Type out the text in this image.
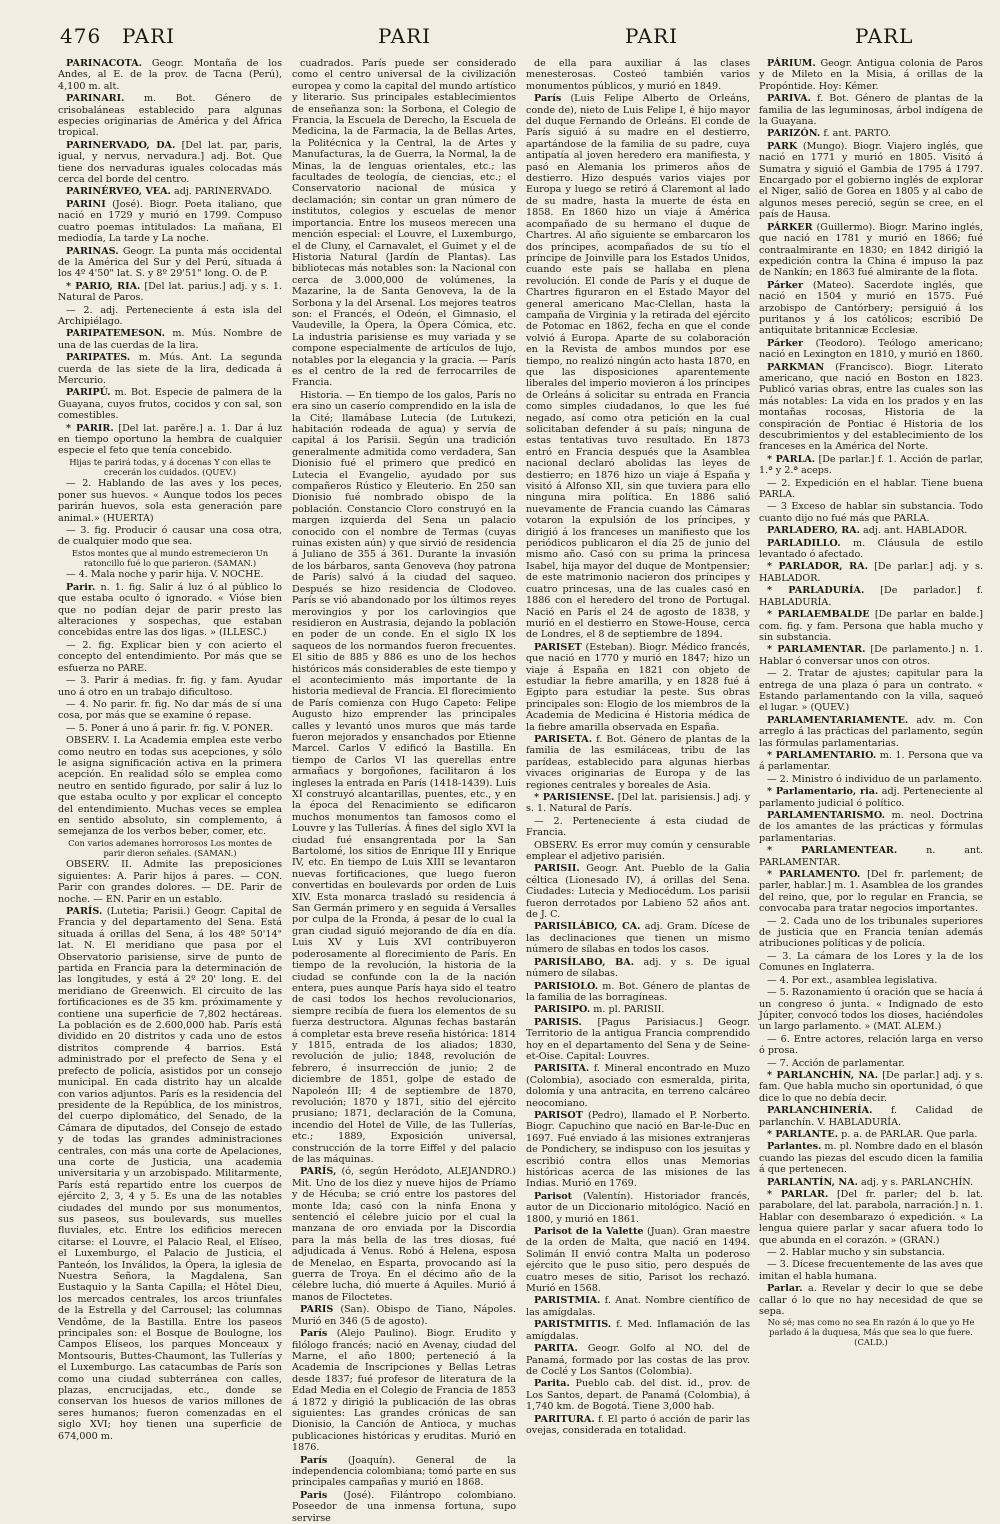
476 PARI	PARI	PARI	PARL

PARINACOTA. Geogr. Montaña de los Andes, al E. de la prov. de Tacna (Perú), 4,100 m. alt.

PARINARI. m. Bot. Género de crisobaláneas establecido para algunas especies originarias de América y del África tropical.

PARINERVADO, DA. [Del lat. par, paris, igual, y nervus, nervadura.] adj. Bot. Que tiene dos nervaduras iguales colocadas más cerca del borde del centro.

PARINÉRVEO, VEA. adj. PARINERVADO.

PARINI (José). Biogr. Poeta italiano, que nació en 1729 y murió en 1799. Compuso cuatro poemas intitulados: La mañana, El mediodía, La tarde y La noche.

PARINAS. Geogr. La punta más occidental de la América del Sur y del Perú, situada á los 4º 4'50" lat. S. y 8º 29'51" long. O. de P.

* PARIO, RIA. [Del lat. parius.] adj. y s. 1. Natural de Paros.

— 2. adj. Perteneciente á esta isla del Archipiélago.

PARIPATEMESON. m. Mús. Nombre de una de las cuerdas de la lira.

PARIPATES. m. Mús. Ant. La segunda cuerda de las siete de la lira, dedicada á Mercurio.

PARIPÚ. m. Bot. Especie de palmera de la Guayana, cuyos frutos, cocidos y con sal, son comestibles.

* PARIR. [Del lat. parĕre.] a. 1. Dar á luz en tiempo oportuno la hembra de cualquier especie el feto que tenía concebido.

Hijas te parirá todas, y á docenas Y con ellas te crecerán los cuidados. (QUEV.)

— 2. Hablando de las aves y los peces, poner sus huevos. « Aunque todos los peces parirán huevos, sola esta generación pare animal.» (HUERTA)

— 3. fig. Producir ó causar una cosa otra, de cualquier modo que sea.

Estos montes que al mundo estremecieron Un ratoncillo fué lo que parieron. (SAMAN.)

— 4. Mala noche y parir hija. V. NOCHE.

Parir. n. 1. fig. Salir á luz ó al público lo que estaba oculto ó ignorado. « Vióse bien que no podían dejar de parir presto las alteraciones y sospechas, que estaban concebidas entre las dos ligas. » (ILLESC.)

— 2. fig. Explicar bien y con acierto el concepto del entendimiento. Por más que se esfuerza no PARE.

— 3. Parir á medias. fr. fig. y fam. Ayudar uno á otro en un trabajo dificultoso.

— 4. No parir. fr. fig. No dar más de sí una cosa, por más que se examine ó repase.

— 5. Poner á uno á parir. fr. fig. V. PONER.

OBSERV. I. La Academia emplea este verbo como neutro en todas sus acepciones, y sólo le asigna significación activa en la primera acepción. En realidad sólo se emplea como neutro en sentido figurado, por salir á luz lo que estaba oculto y por explicar el concepto del entendimiento. Muchas veces se emplea en sentido absoluto, sin complemento, á semejanza de los verbos beber, comer, etc.

Con varios ademanes horrorosos Los montes de parir dieron señales. (SAMAN.)

OBSERV. II. Admite las preposiciones siguientes: A. Parir hijos á pares. — CON. Parir con grandes dolores. — DE. Parir de noche. — EN. Parir en un establo.

PARÍS. (Lutetia; Parisii.) Geogr. Capital de Francia y del departamento del Sena. Está situada á orillas del Sena, á los 48º 50'14" lat. N. El meridiano que pasa por el Observatorio parisiense, sirve de punto de partida en Francia para la determinación de las longitudes, y está á 2º 20' long. E. del meridiano de Greenwich. El circuito de las fortificaciones es de 35 km. próximamente y contiene una superficie de 7,802 hectáreas. La población es de 2.600,000 hab. París está dividido en 20 distritos y cada uno de estos distritos comprende 4 barrios. Está administrado por el prefecto de Sena y el prefecto de policía, asistidos por un consejo municipal. En cada distrito hay un alcalde con varios adjuntos. París es la residencia del presidente de la República, de los ministros, del cuerpo diplomático, del Senado, de la Cámara de diputados, del Consejo de estado y de todas las grandes administraciones centrales, con más una corte de Apelaciones, una corte de Justicia, una academia universitaria y un arzobispado. Militarmente, París está repartido entre los cuerpos de ejército 2, 3, 4 y 5. Es una de las notables ciudades del mundo por sus monumentos, sus paseos, sus boulevards, sus muelles fluviales, etc. Entre los edificios merecen citarse: el Louvre, el Palacio Real, el Elíseo, el Luxemburgo, el Palacio de Justicia, el Panteón, los Inválidos, la Ópera, la iglesia de Nuestra Señora, la Magdalena, San Eustaquio y la Santa Capilla; el Hôtel Dieu, los mercados centrales, los arcos triunfales de la Estrella y del Carrousel; las columnas Vendôme, de la Bastilla. Entre los paseos principales son: el Bosque de Boulogne, los Campos Elíseos, los parques Monceaux y Montsouris, Buttes-Chaumont, las Tullerías y el Luxemburgo. Las catacumbas de París son como una ciudad subterránea con calles, plazas, encrucijadas, etc., donde se conservan los huesos de varios millones de seres humanos; fueron comenzadas en el siglo XVI; hoy tienen una superficie de 674,000 m.

cuadrados. París puede ser considerado como el centro universal de la civilización europea y como la capital del mundo artístico y literario. Sus principales establecimientos de enseñanza son: la Sorbona, el Colegio de Francia, la Escuela de Derecho, la Escuela de Medicina, la de Farmacia, la de Bellas Artes, la Politécnica y la Central, la de Artes y Manufacturas, la de Guerra, la Normal, la de Minas, la de lenguas orientales, etc.; las facultades de teología, de ciencias, etc.; el Conservatorio nacional de música y declamación; sin contar un gran número de institutos, colegios y escuelas de menor importancia. Entre los museos merecen una mención especial: el Louvre, el Luxemburgo, el de Cluny, el Carnavalet, el Guimet y el de Historia Natural (Jardín de Plantas). Las bibliotecas más notables son: la Nacional con cerca de 3.000,000 de volúmenes, la Mazarine, la de Santa Genoveva, la de la Sorbona y la del Arsenal. Los mejores teatros son: el Francés, el Odeón, el Gimnasio, el Vaudeville, la Ópera, la Ópera Cómica, etc. La industria parisiense es muy variada y se compone especialmente de artículos de lujo, notables por la elegancia y la gracia. — París es el centro de la red de ferrocarriles de Francia.

Historia. — En tiempo de los galos, París no era sino un caserío comprendido en la isla de la Cité; llamábase Lutecia (de Lutukezi, habitación rodeada de agua) y servía de capital á los Parisii. Según una tradición generalmente admitida como verdadera, San Dionisio fué el primero que predicó en Lutecia el Evangelio, ayudado por sus compañeros Rústico y Eleuterio. En 250 san Dionisio fué nombrado obispo de la población. Constancio Cloro construyó en la margen izquierda del Sena un palacio conocido con el nombre de Termas (cuyas ruinas existen aún) y que sirvió de residencia á Juliano de 355 á 361. Durante la invasión de los bárbaros, santa Genoveva (hoy patrona de París) salvó á la ciudad del saqueo. Después se hizo residencia de Clodoveo. París se vió abandonado por los últimos reyes merovingios y por los carlovingios que residieron en Austrasia, dejando la población en poder de un conde. En el siglo IX los saqueos de los normandos fueron frecuentes. El sitio de 885 y 886 es uno de los hechos históricos más considerables de este tiempo y el acontecimiento más importante de la historia medieval de Francia. El florecimiento de París comienza con Hugo Capeto: Felipe Augusto hizo emprender las principales calles y levantó unos muros que más tarde fueron mejorados y ensanchados por Etienne Marcel. Carlos V edificó la Bastilla. En tiempo de Carlos VI las querellas entre armañacs y borgoñones, facilitaron á los ingleses la entrada en París (1418-1439). Luis XI construyó alcantarillas, puentes, etc., y en la época del Renacimiento se edificaron muchos monumentos tan famosos como el Louvre y las Tullerías. Á fines del siglo XVI la ciudad fué ensangrentada por la San Bartolomé, los sitios de Enrique III y Enrique IV, etc. En tiempo de Luis XIII se levantaron nuevas fortificaciones, que luego fueron convertidas en boulevards por orden de Luis XIV. Esta monarca trasladó su residencia á San Germán primero y en seguida á Versalles por culpa de la Fronda, á pesar de lo cual la gran ciudad siguió mejorando de día en día. Luis XV y Luis XVI contribuyeron poderosamente al florecimiento de París. En tiempo de la revolución, la historia de la ciudad se confunde con la de la nación entera, pues aunque París haya sido el teatro de casi todos los hechos revolucionarios, siempre recibía de fuera los elementos de su fuerza destructora. Algunas fechas bastarán á completar esta breve reseña histórica: 1814 y 1815, entrada de los aliados; 1830, revolución de julio; 1848, revolución de febrero, é insurrección de junio; 2 de diciembre de 1851, golpe de estado de Napoleón III; 4 de septiembre de 1870, revolución; 1870 y 1871, sitio del ejército prusiano; 1871, declaración de la Comuna, incendio del Hotel de Ville, de las Tullerías, etc.; 1889, Exposición universal, construcción de la torre Eiffel y del palacio de las máquinas.

PARÍS, (ó, según Heródoto, ALEJANDRO.) Mit. Uno de los diez y nueve hijos de Príamo y de Hécuba; se crió entre los pastores del monte Ida; casó con la ninfa Enona y sentenció el célebre juicio por el cual la manzana de oro enviada por la Discordia para la más bella de las tres diosas, fué adjudicada á Venus. Robó á Helena, esposa de Menelao, en Esparta, provocando así la guerra de Troya. En el décimo año de la célebre lucha, dió muerte á Aquiles. Murió á manos de Filoctetes.

PARIS (San). Obispo de Tiano, Nápoles. Murió en 346 (5 de agosto).

París (Alejo Paulino). Biogr. Erudito y filólogo francés; nació en Avenay, ciudad del Marne, el año 1800; perteneció á la Academia de Inscripciones y Bellas Letras desde 1837; fué profesor de literatura de la Edad Media en el Colegio de Francia de 1853 á 1872 y dirigió la publicación de las obras siguientes: Las grandes crónicas de san Dionisio, la Canción de Antioca, y muchas publicaciones históricas y eruditas. Murió en 1876.

París (Joaquín). General de la independencia colombiana; tomó parte en sus principales campañas y murió en 1868.

Paris (José). Filántropo colombiano. Poseedor de una inmensa fortuna, supo servirse

de ella para auxiliar á las clases menesterosas. Costeó también varios monumentos públicos, y murió en 1849.

París (Luis Felipe Alberto de Orleáns, conde de), nieto de Luis Felipe I, é hijo mayor del duque Fernando de Orleáns. El conde de París siguió á su madre en el destierro, apartándose de la familia de su padre, cuya antipatía al joven heredero era manifiesta, y pasó en Alemania los primeros años de destierro. Hizo después varios viajes por Europa y luego se retiró á Claremont al lado de su madre, hasta la muerte de ésta en 1858. En 1860 hizo un viaje á América acompañado de su hermano el duque de Chartres. Al año siguiente se embarcaron los dos príncipes, acompañados de su tío el príncipe de Joinville para los Estados Unidos, cuando este país se hallaba en plena revolución. El conde de París y el duque de Chartres figuraron en el Estado Mayor del general americano Mac-Clellan, hasta la campaña de Virginia y la retirada del ejército de Potomac en 1862, fecha en que el conde volvió á Europa. Aparte de su colaboración en la Revista de ambos mundos por ese tiempo, no realizó ningún acto hasta 1870, en que las disposiciones aparentemente liberales del imperio movieron á los príncipes de Orleáns á solicitar su entrada en Francia como simples ciudadanos, lo que les fué negado, así como otra petición en la cual solicitaban defender á su país; ninguna de estas tentativas tuvo resultado. En 1873 entró en Francia después que la Asamblea nacional declaró abolidas las leyes de destierro; en 1876 hizo un viaje á España y visitó á Alfonso XII, sin que tuviera para ello ninguna mira política. En 1886 salió nuevamente de Francia cuando las Cámaras votaron la expulsión de los príncipes, y dirigió á los franceses un manifiesto que los periódicos publicaron el día 25 de junio del mismo año. Casó con su prima la princesa Isabel, hija mayor del duque de Montpensier; de este matrimonio nacieron dos príncipes y cuatro princesas, una de las cuales casó en 1886 con el heredero del trono de Portugal. Nació en París el 24 de agosto de 1838, y murió en el destierro en Stowe-House, cerca de Londres, el 8 de septiembre de 1894.

PARISET (Esteban). Biogr. Médico francés, que nació en 1770 y murió en 1847; hizo un viaje á España en 1821 con objeto de estudiar la fiebre amarilla, y en 1828 fué á Egipto para estudiar la peste. Sus obras principales son: Elogio de los miembros de la Academia de Medicina é Historia médica de la fiebre amarilla observada en España.

PARISETA. f. Bot. Género de plantas de la familia de las esmiláceas, tribu de las parídeas, establecido para algunas hierbas vivaces originarias de Europa y de las regiones centrales y boreales de Asia.

* PARISIENSE. [Del lat. parisiensis.] adj. y s. 1. Natural de París.

— 2. Perteneciente á esta ciudad de Francia.

OBSERV. Es error muy común y censurable emplear el adjetivo parisién.

PARISII. Geogr. Ant. Pueblo de la Galia céltica (Lionesado IV), á orillas del Sena. Ciudades: Lutecia y Mediocédum. Los parisii fueron derrotados por Labieno 52 años ant. de J. C.

PARISILÁBICO, CA. adj. Gram. Dícese de las declinaciones que tienen un mismo número de sílabas en todos los casos.

PARISÍLABO, BA. adj. y s. De igual número de sílabas.

PARISIOLO. m. Bot. Género de plantas de la familia de las borragíneas.

PARISIPO. m. pl. PARISII.

PARISIS. [Pagus Parisiacus.] Geogr. Territorio de la antigua Francia comprendido hoy en el departamento del Sena y de Seine-et-Oise. Capital: Louvres.

PARISITA. f. Mineral encontrado en Muzo (Colombia), asociado con esmeralda, pirita, dolomía y una antracita, en terreno calcáreo neocomiano.

PARISOT (Pedro), llamado el P. Norberto. Biogr. Capuchino que nació en Bar-le-Duc en 1697. Fué enviado á las misiones extranjeras de Pondichery, se indispuso con los jesuitas y escribió contra ellos unas Memorias históricas acerca de las misiones de las Indias. Murió en 1769.

Parisot (Valentín). Historiador francés, autor de un Diccionario mitológico. Nació en 1800, y murió en 1861.

Parisot de la Valette (Juan). Gran maestre de la orden de Malta, que nació en 1494. Solimán II envió contra Malta un poderoso ejército que le puso sitio, pero después de cuatro meses de sitio, Parisot los rechazó. Murió en 1568.

PARISTMIA. f. Anat. Nombre científico de las amígdalas.

PARISTMITIS. f. Med. Inflamación de las amígdalas.

PARITA. Geogr. Golfo al NO. del de Panamá, formado por las costas de las prov. de Coclé y Los Santos (Colombia).

Parita. Pueblo cab. del dist. id., prov. de Los Santos, depart. de Panamá (Colombia), á 1,740 km. de Bogotá. Tiene 3,000 hab.

PARITURA. f. El parto ó acción de parir las ovejas, considerada en totalidad.

PÁRIUM. Geogr. Antigua colonia de Paros y de Mileto en la Misia, á orillas de la Propóntide. Hoy: Kémer.

PARIVA. f. Bot. Género de plantas de la familia de las leguminosas, árbol indígena de la Guayana.

PARIZÓN. f. ant. PARTO.

PARK (Mungo). Biogr. Viajero inglés, que nació en 1771 y murió en 1805. Visitó á Sumatra y siguió el Gambia de 1795 á 1797. Encargado por el gobierno inglés de explorar el Niger, salió de Gorea en 1805 y al cabo de algunos meses pereció, según se cree, en el país de Hausa.

PÁRKER (Guillermo). Biogr. Marino inglés, que nació en 1781 y murió en 1866; fué contraalmirante en 1830; en 1842 dirigió la expedición contra la China é impuso la paz de Nankín; en 1863 fué almirante de la flota.

Párker (Mateo). Sacerdote inglés, que nació en 1504 y murió en 1575. Fué arzobispo de Cantórbery; persiguió á los puritanos y á los católicos; escribió De antiquitate britannicæ Ecclesiæ.

Párker (Teodoro). Teólogo americano; nació en Lexington en 1810, y murió en 1860.

PARKMAN (Francisco). Biogr. Literato americano, que nació en Boston en 1823. Publicó varias obras, entre las cuales son las más notables: La vida en los prados y en las montañas rocosas, Historia de la conspiración de Pontiac é Historia de los descubrimientos y del establecimiento de los franceses en la América del Norte.

* PARLA. [De parlar.] f. 1. Acción de parlar, 1.ª y 2.ª aceps.

— 2. Expedición en el hablar. Tiene buena PARLA.

— 3 Exceso de hablar sin substancia. Todo cuanto dijo no fué más que PARLA.

PARLADERO, RA. adj. ant. HABLADOR.

PARLADILLO. m. Cláusula de estilo levantado ó afectado.

* PARLADOR, RA. [De parlar.] adj. y s. HABLADOR.

* PARLADURÍA. [De parlador.] f. HABLADURÍA.

* PARLAEMBALDE [De parlar en balde.] com. fig. y fam. Persona que habla mucho y sin substancia.

* PARLAMENTAR. [De parlamento.] n. 1. Hablar ó conversar unos con otros.

— 2. Tratar de ajustes; capitular para la entrega de una plaza ó para un contrato. « Estando parlamentando con la villa, saqueó el lugar. » (QUEV.)

PARLAMENTARIAMENTE. adv. m. Con arreglo á las prácticas del parlamento, según las fórmulas parlamentarias.

* PARLAMENTARIO. m. 1. Persona que va á parlamentar.

— 2. Ministro ó individuo de un parlamento.

* Parlamentario, ria. adj. Perteneciente al parlamento judicial ó político.

PARLAMENTARISMO. m. neol. Doctrina de los amantes de las prácticas y fórmulas parlamentarias.

* PARLAMENTEAR.	n. ant. PARLAMENTAR.

* PARLAMENTO. [Del fr. parlement; de parler, hablar.] m. 1. Asamblea de los grandes del reino, que, por lo regular en Francia, se convocaba para tratar negocios importantes.

— 2. Cada uno de los tribunales superiores de justicia que en Francia tenían además atribuciones políticas y de policía.

— 3. La cámara de los Lores y la de los Comunes en Inglaterra.

— 4. Por ext., asamblea legislativa.

— 5. Razonamiento ú oración que se hacía á un congreso ó junta. « Indignado de esto Júpiter, convocó todos los dioses, haciéndoles un largo parlamento. » (MAT. ALEM.)

— 6. Entre actores, relación larga en verso ó prosa.

— 7. Acción de parlamentar.

* PARLANCHÍN, NA. [De parlar.] adj. y s. fam. Que habla mucho sin oportunidad, ó que dice lo que no debía decir.

PARLANCHINERÍA. f. Calidad de parlanchín. V. HABLADURÍA.

* PARLANTE. p. a. de PARLAR. Que parla.

Parlantes. m. pl. Nombre dado en el blasón cuando las piezas del escudo dicen la familia á que pertenecen.

PARLANTÍN, NA. adj. y s. PARLANCHÍN.

* PARLAR. [Del fr. parler; del b. lat. parabolare, del lat. parabola, narración.] n. 1. Hablar con desembarazo ó expedición. « La lengua quiere parlar y sacar afuera todo lo que abunda en el corazón. » (GRAN.)

— 2. Hablar mucho y sin substancia.

— 3. Dícese frecuentemente de las aves que imitan el habla humana.

Parlar. a. Revelar y decir lo que se debe callar ó lo que no hay necesidad de que se sepa.

No sé; mas como no sea En razón á lo que yo He parlado á la duquesa, Más que sea lo que fuere. (CALD.)
